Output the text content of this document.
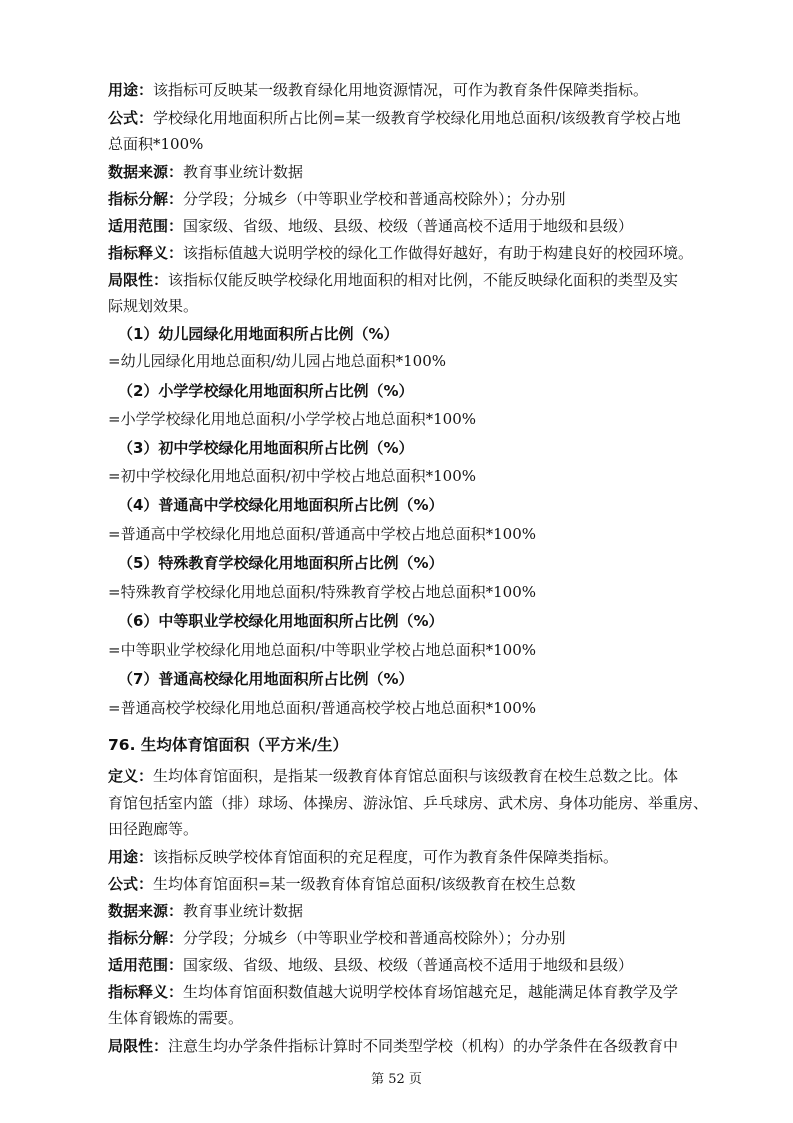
用途：该指标可反映某一级教育绿化用地资源情况，可作为教育条件保障类指标。
公式：学校绿化用地面积所占比例=某一级教育学校绿化用地总面积/该级教育学校占地
总面积*100%
数据来源：教育事业统计数据
指标分解：分学段；分城乡（中等职业学校和普通高校除外）；分办别
适用范围：国家级、省级、地级、县级、校级（普通高校不适用于地级和县级）
指标释义：该指标值越大说明学校的绿化工作做得好越好，有助于构建良好的校园环境。
局限性：该指标仅能反映学校绿化用地面积的相对比例，不能反映绿化面积的类型及实
际规划效果。
（1）幼儿园绿化用地面积所占比例（%）
=幼儿园绿化用地总面积/幼儿园占地总面积*100%
（2）小学学校绿化用地面积所占比例（%）
=小学学校绿化用地总面积/小学学校占地总面积*100%
（3）初中学校绿化用地面积所占比例（%）
=初中学校绿化用地总面积/初中学校占地总面积*100%
（4）普通高中学校绿化用地面积所占比例（%）
=普通高中学校绿化用地总面积/普通高中学校占地总面积*100%
（5）特殊教育学校绿化用地面积所占比例（%）
=特殊教育学校绿化用地总面积/特殊教育学校占地总面积*100%
（6）中等职业学校绿化用地面积所占比例（%）
=中等职业学校绿化用地总面积/中等职业学校占地总面积*100%
（7）普通高校绿化用地面积所占比例（%）
=普通高校学校绿化用地总面积/普通高校学校占地总面积*100%
76. 生均体育馆面积（平方米/生）
定义：生均体育馆面积，是指某一级教育体育馆总面积与该级教育在校生总数之比。体
育馆包括室内篮（排）球场、体操房、游泳馆、乒乓球房、武术房、身体功能房、举重房、
田径跑廊等。
用途：该指标反映学校体育馆面积的充足程度，可作为教育条件保障类指标。
公式：生均体育馆面积=某一级教育体育馆总面积/该级教育在校生总数
数据来源：教育事业统计数据
指标分解：分学段；分城乡（中等职业学校和普通高校除外）；分办别
适用范围：国家级、省级、地级、县级、校级（普通高校不适用于地级和县级）
指标释义：生均体育馆面积数值越大说明学校体育场馆越充足，越能满足体育教学及学
生体育锻炼的需要。
局限性：注意生均办学条件指标计算时不同类型学校（机构）的办学条件在各级教育中
第 52 页
